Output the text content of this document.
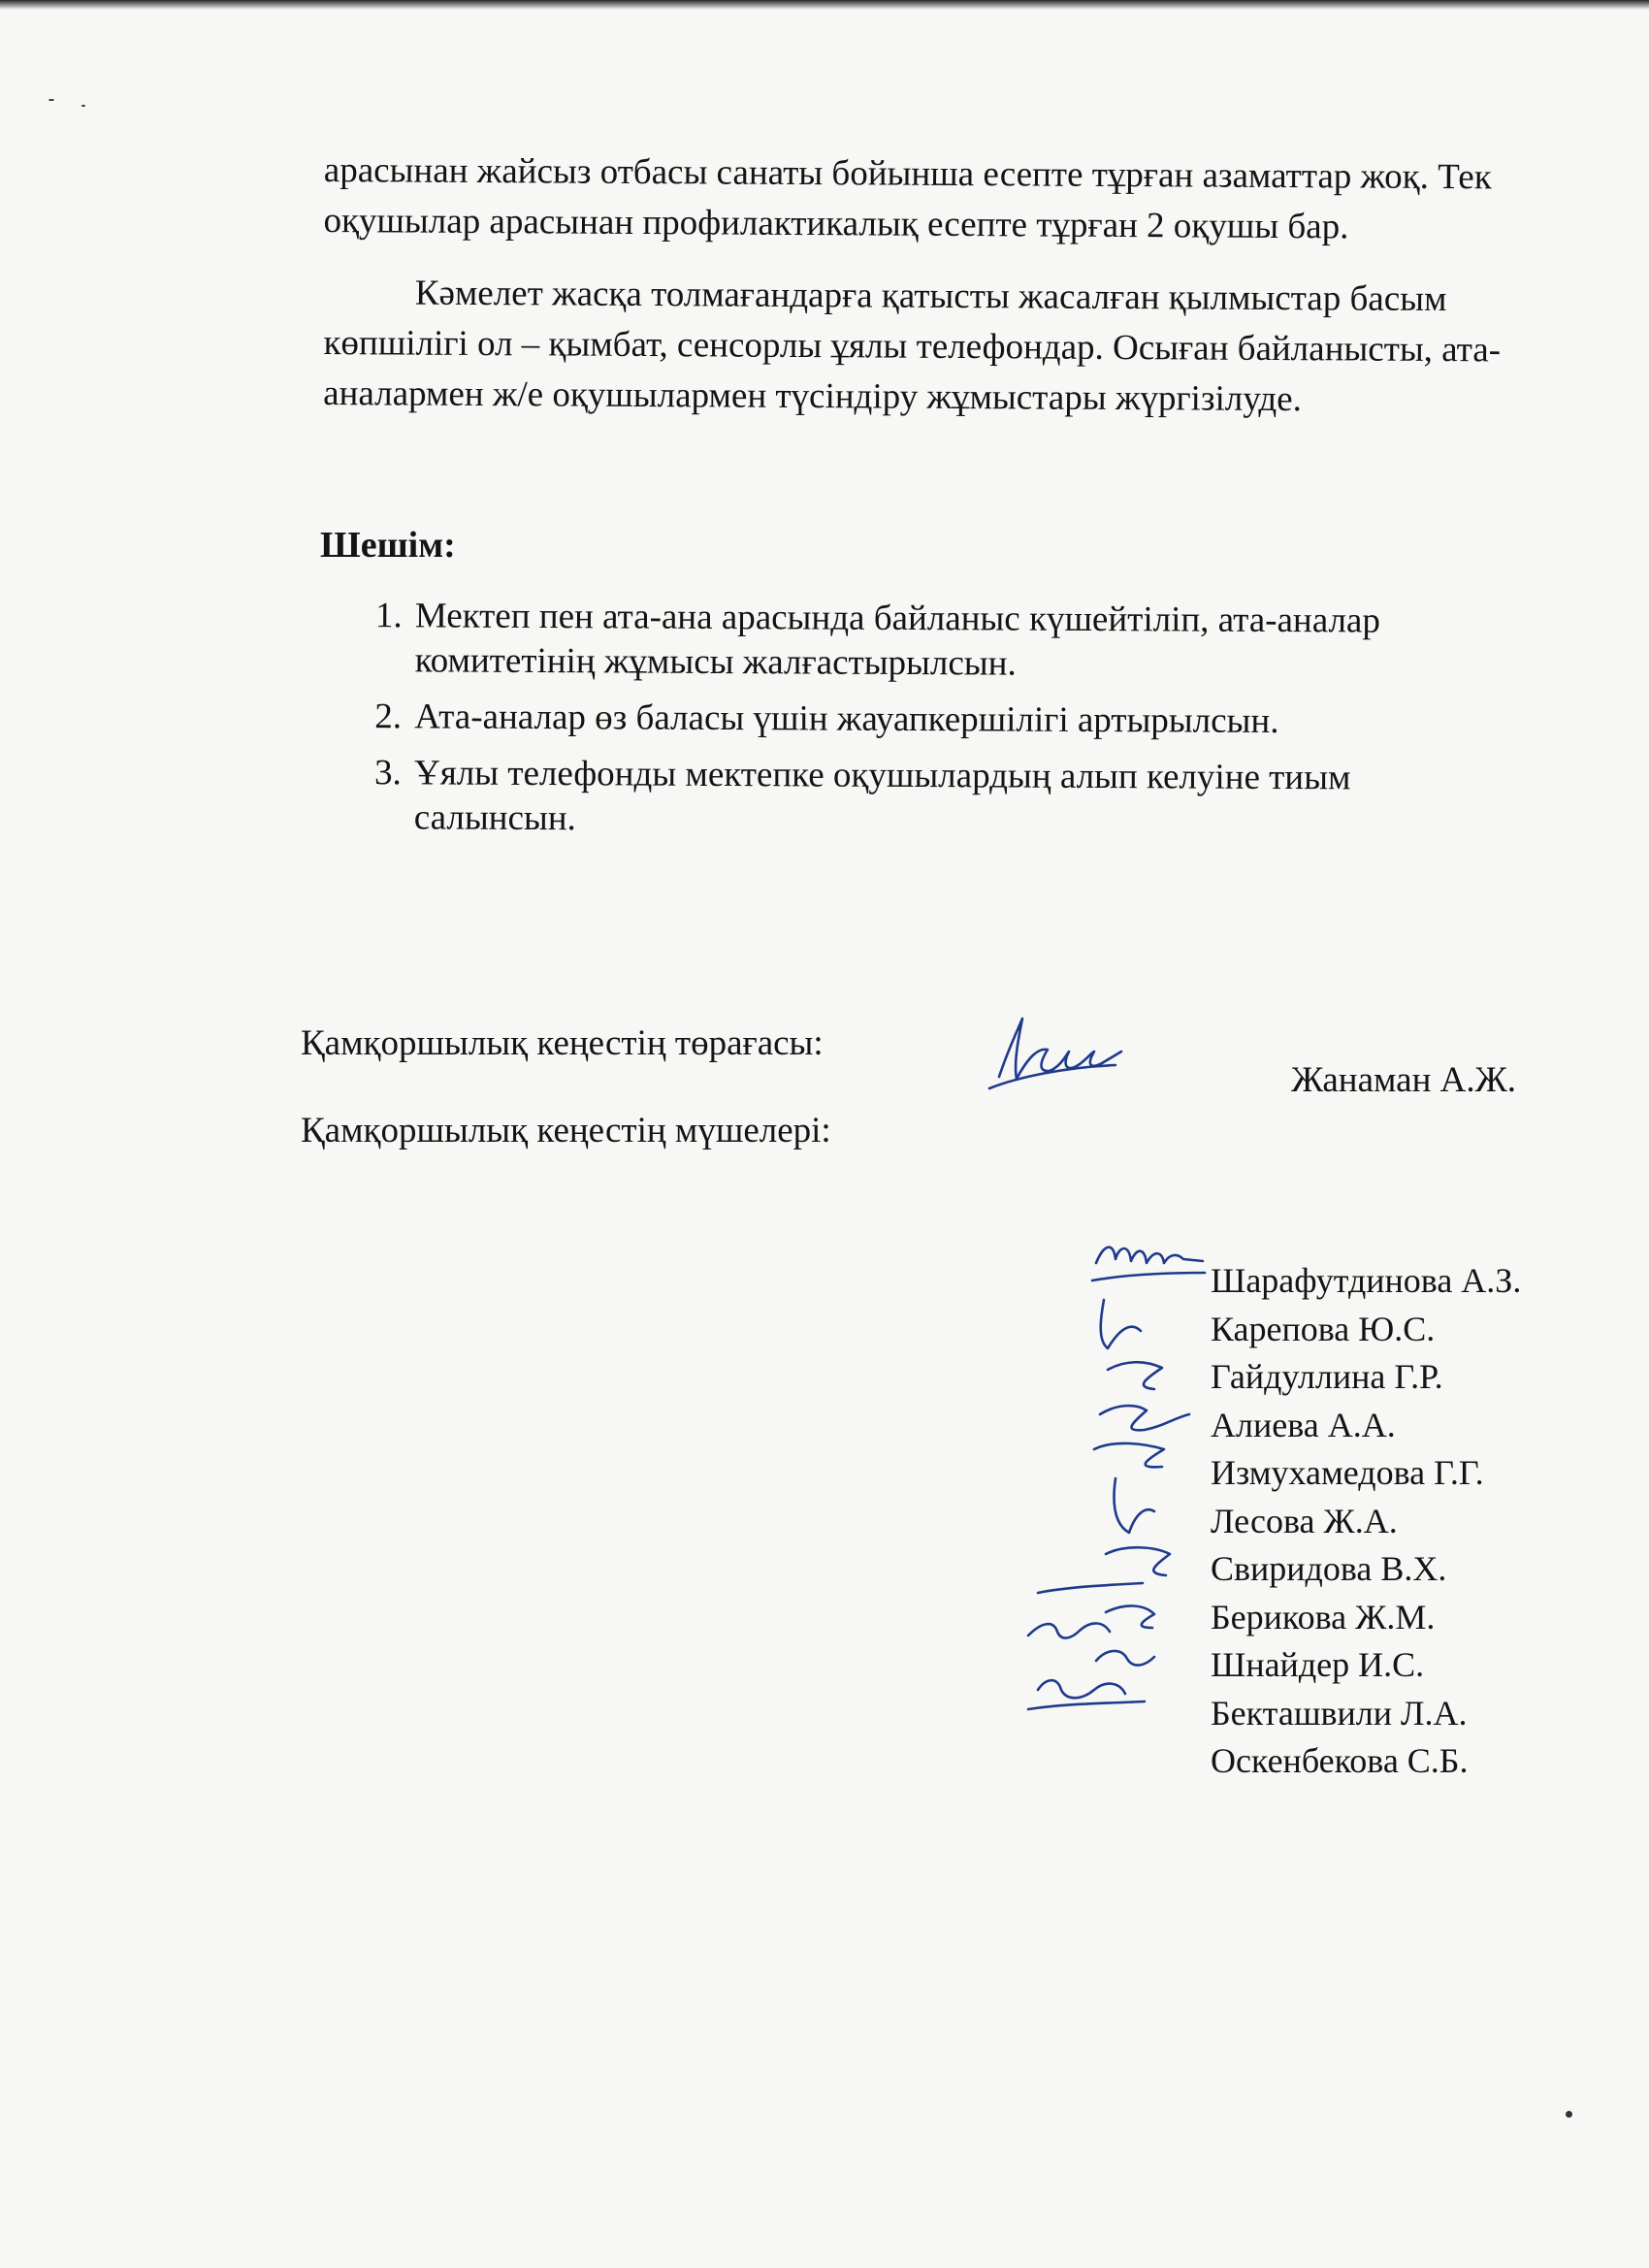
арасынан жайсыз отбасы санаты бойынша есепте тұрған азаматтар жоқ. Тек оқушылар арасынан профилактикалық есепте тұрған 2 оқушы бар.

Кәмелет жасқа толмағандарға қатысты жасалған қылмыстар басым көпшілігі ол – қымбат, сенсорлы ұялы телефондар. Осыған байланысты, ата-аналармен ж/е оқушылармен түсіндіру жұмыстары жүргізілуде.

Шешім:
1. Мектеп пен ата-ана арасында байланыс күшейтіліп, ата-аналар комитетінің жұмысы жалғастырылсын.
2. Ата-аналар өз баласы үшін жауапкершілігі артырылсын.
3. Ұялы телефонды мектепке оқушылардың алып келуіне тиым салынсын.
Қамқоршылық кеңестің төрағасы:
Жанаман А.Ж.
Қамқоршылық кеңестің мүшелері:
Шарафутдинова А.З.
Карепова Ю.С.
Гайдуллина Г.Р.
Алиева А.А.
Измухамедова Г.Г.
Лесова Ж.А.
Свиридова В.Х.
Берикова Ж.М.
Шнайдер И.С.
Бекташвили Л.А.
Оскенбекова С.Б.
